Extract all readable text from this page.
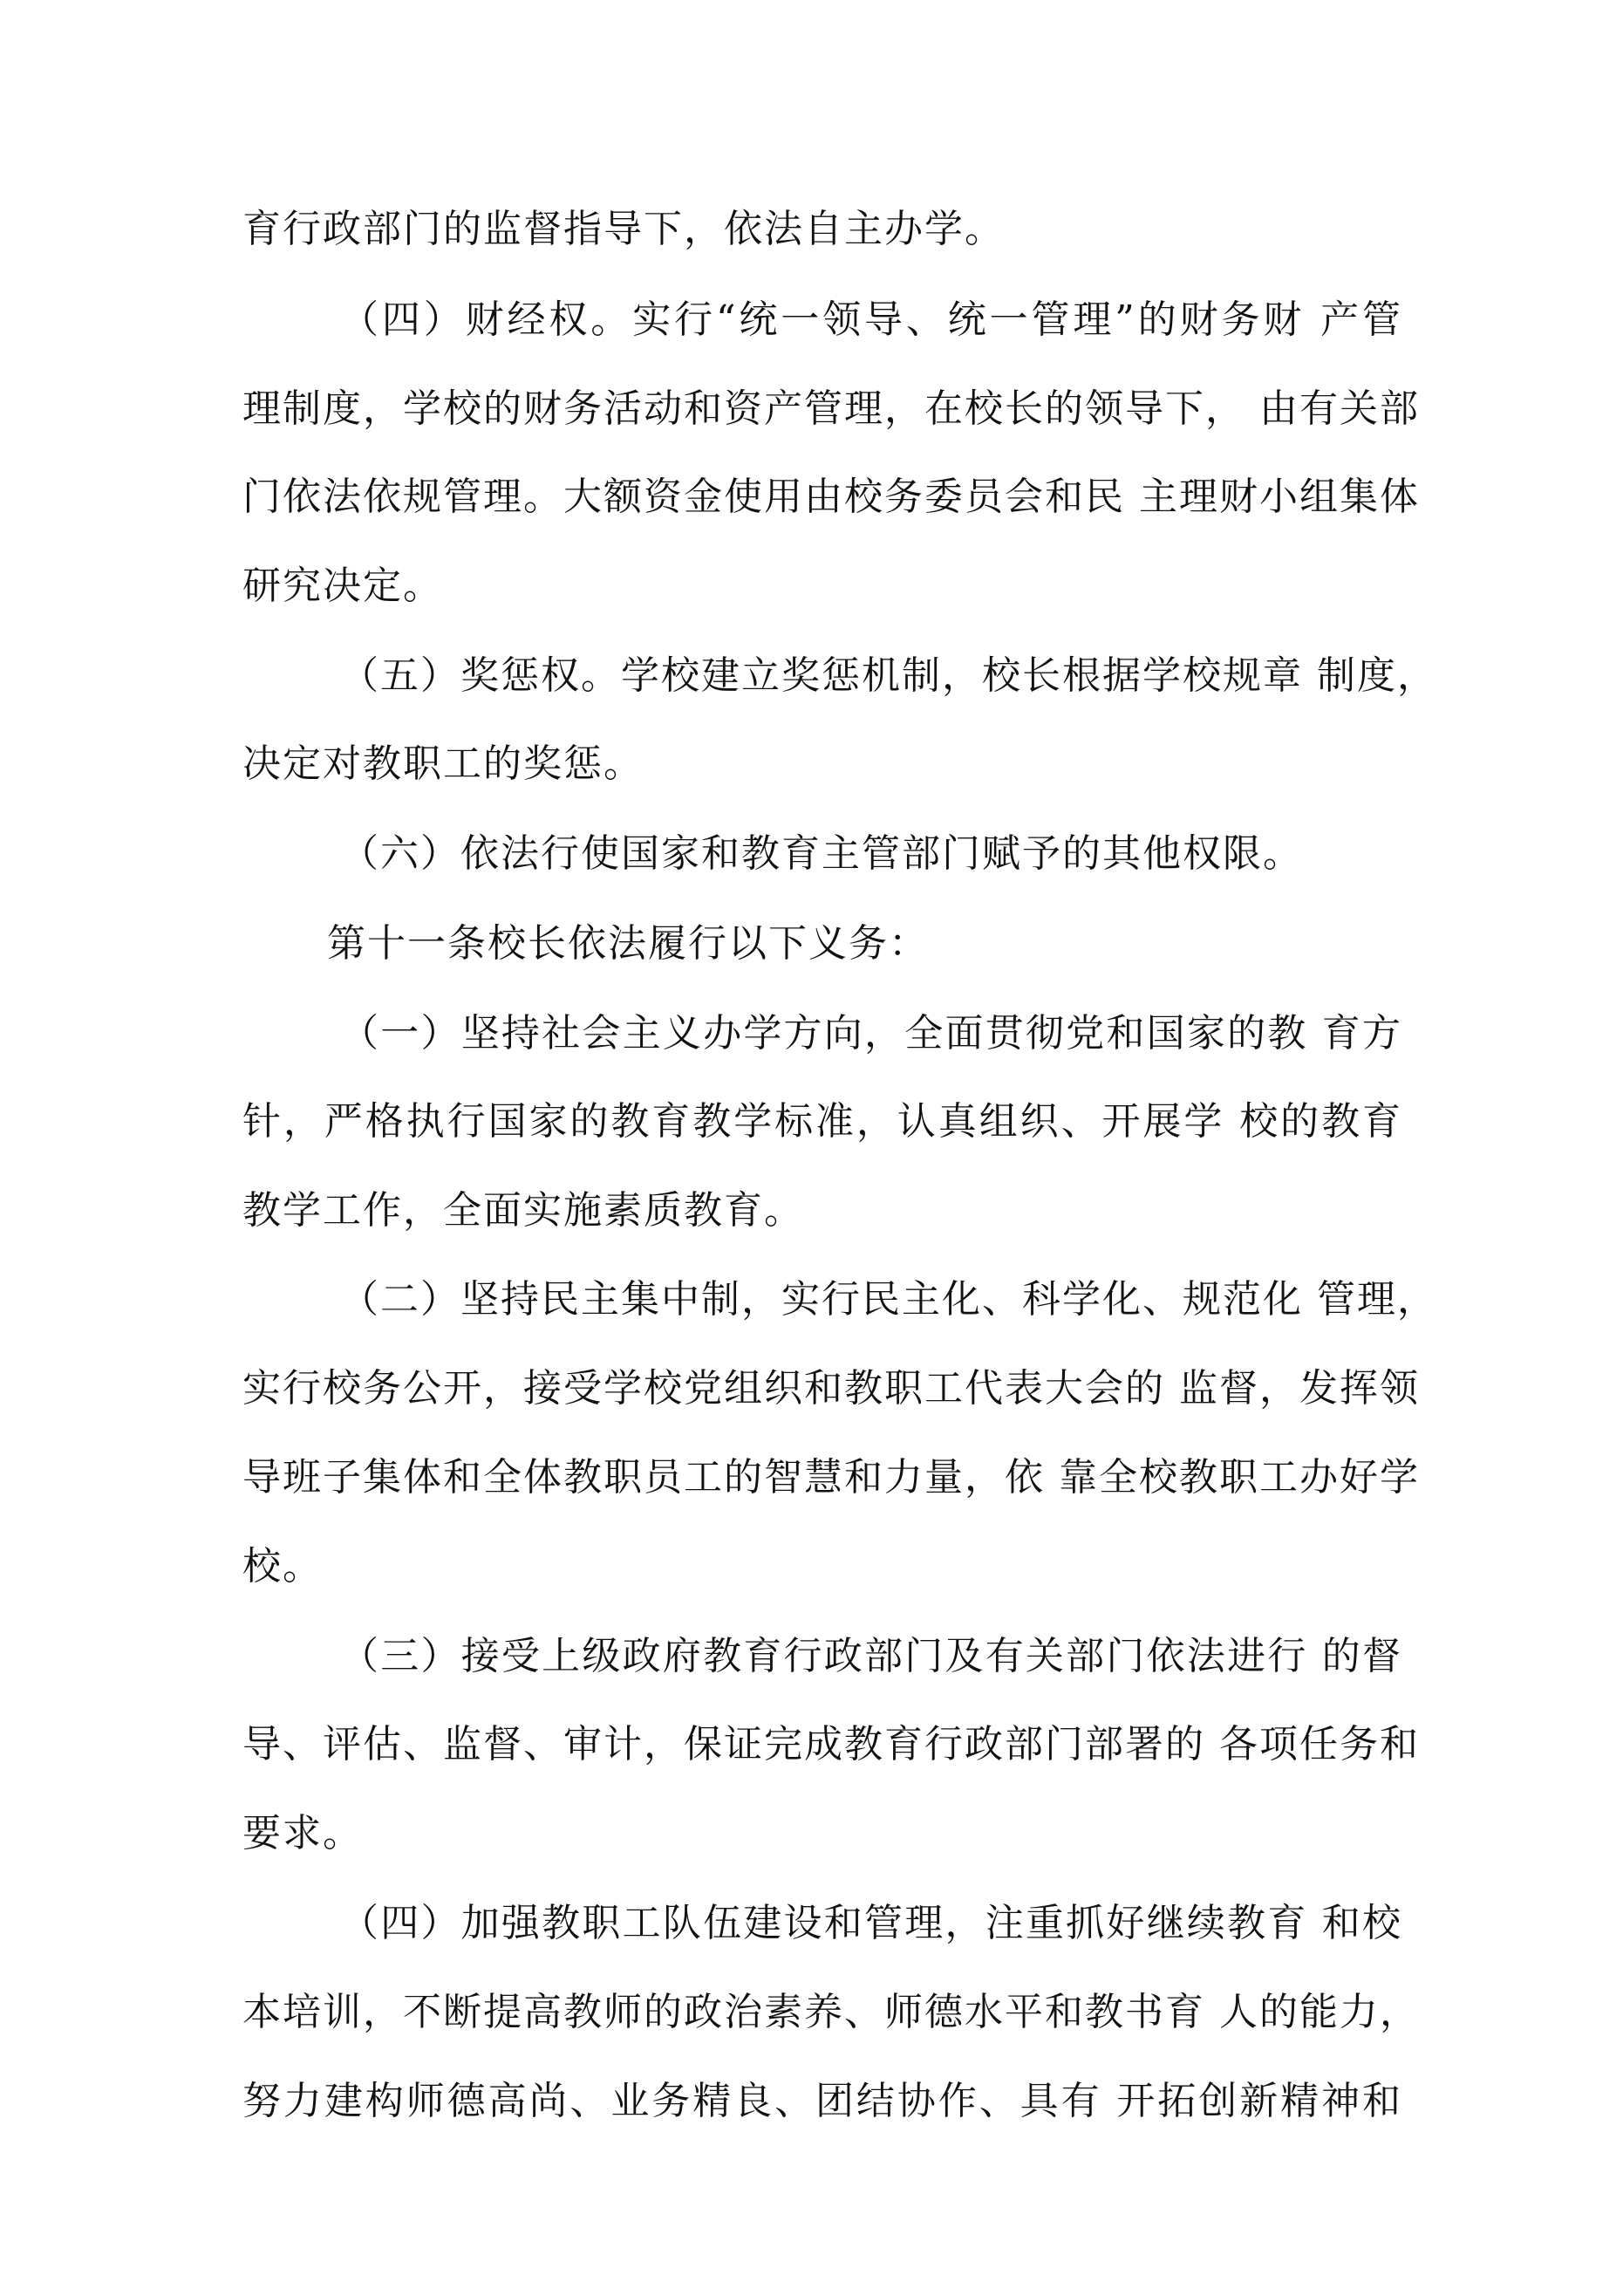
育行政部门的监督指导下，依法自主办学。
（四）财经权。实行“统一领导、统一管理”的财务财 产管
理制度，学校的财务活动和资产管理，在校长的领导下， 由有关部
门依法依规管理。大额资金使用由校务委员会和民 主理财小组集体
研究决定。
（五）奖惩权。学校建立奖惩机制，校长根据学校规章 制度，
决定对教职工的奖惩。
（六）依法行使国家和教育主管部门赋予的其他权限。
第十一条校长依法履行以下义务：
（一）坚持社会主义办学方向，全面贯彻党和国家的教 育方
针，严格执行国家的教育教学标准，认真组织、开展学 校的教育
教学工作，全面实施素质教育。
（二）坚持民主集中制，实行民主化、科学化、规范化 管理，
实行校务公开，接受学校党组织和教职工代表大会的 监督，发挥领
导班子集体和全体教职员工的智慧和力量，依 靠全校教职工办好学
校。
（三）接受上级政府教育行政部门及有关部门依法进行 的督
导、评估、监督、审计，保证完成教育行政部门部署的 各项任务和
要求。
（四）加强教职工队伍建设和管理，注重抓好继续教育 和校
本培训，不断提高教师的政治素养、师德水平和教书育 人的能力，
努力建构师德高尚、业务精良、团结协作、具有 开拓创新精神和
